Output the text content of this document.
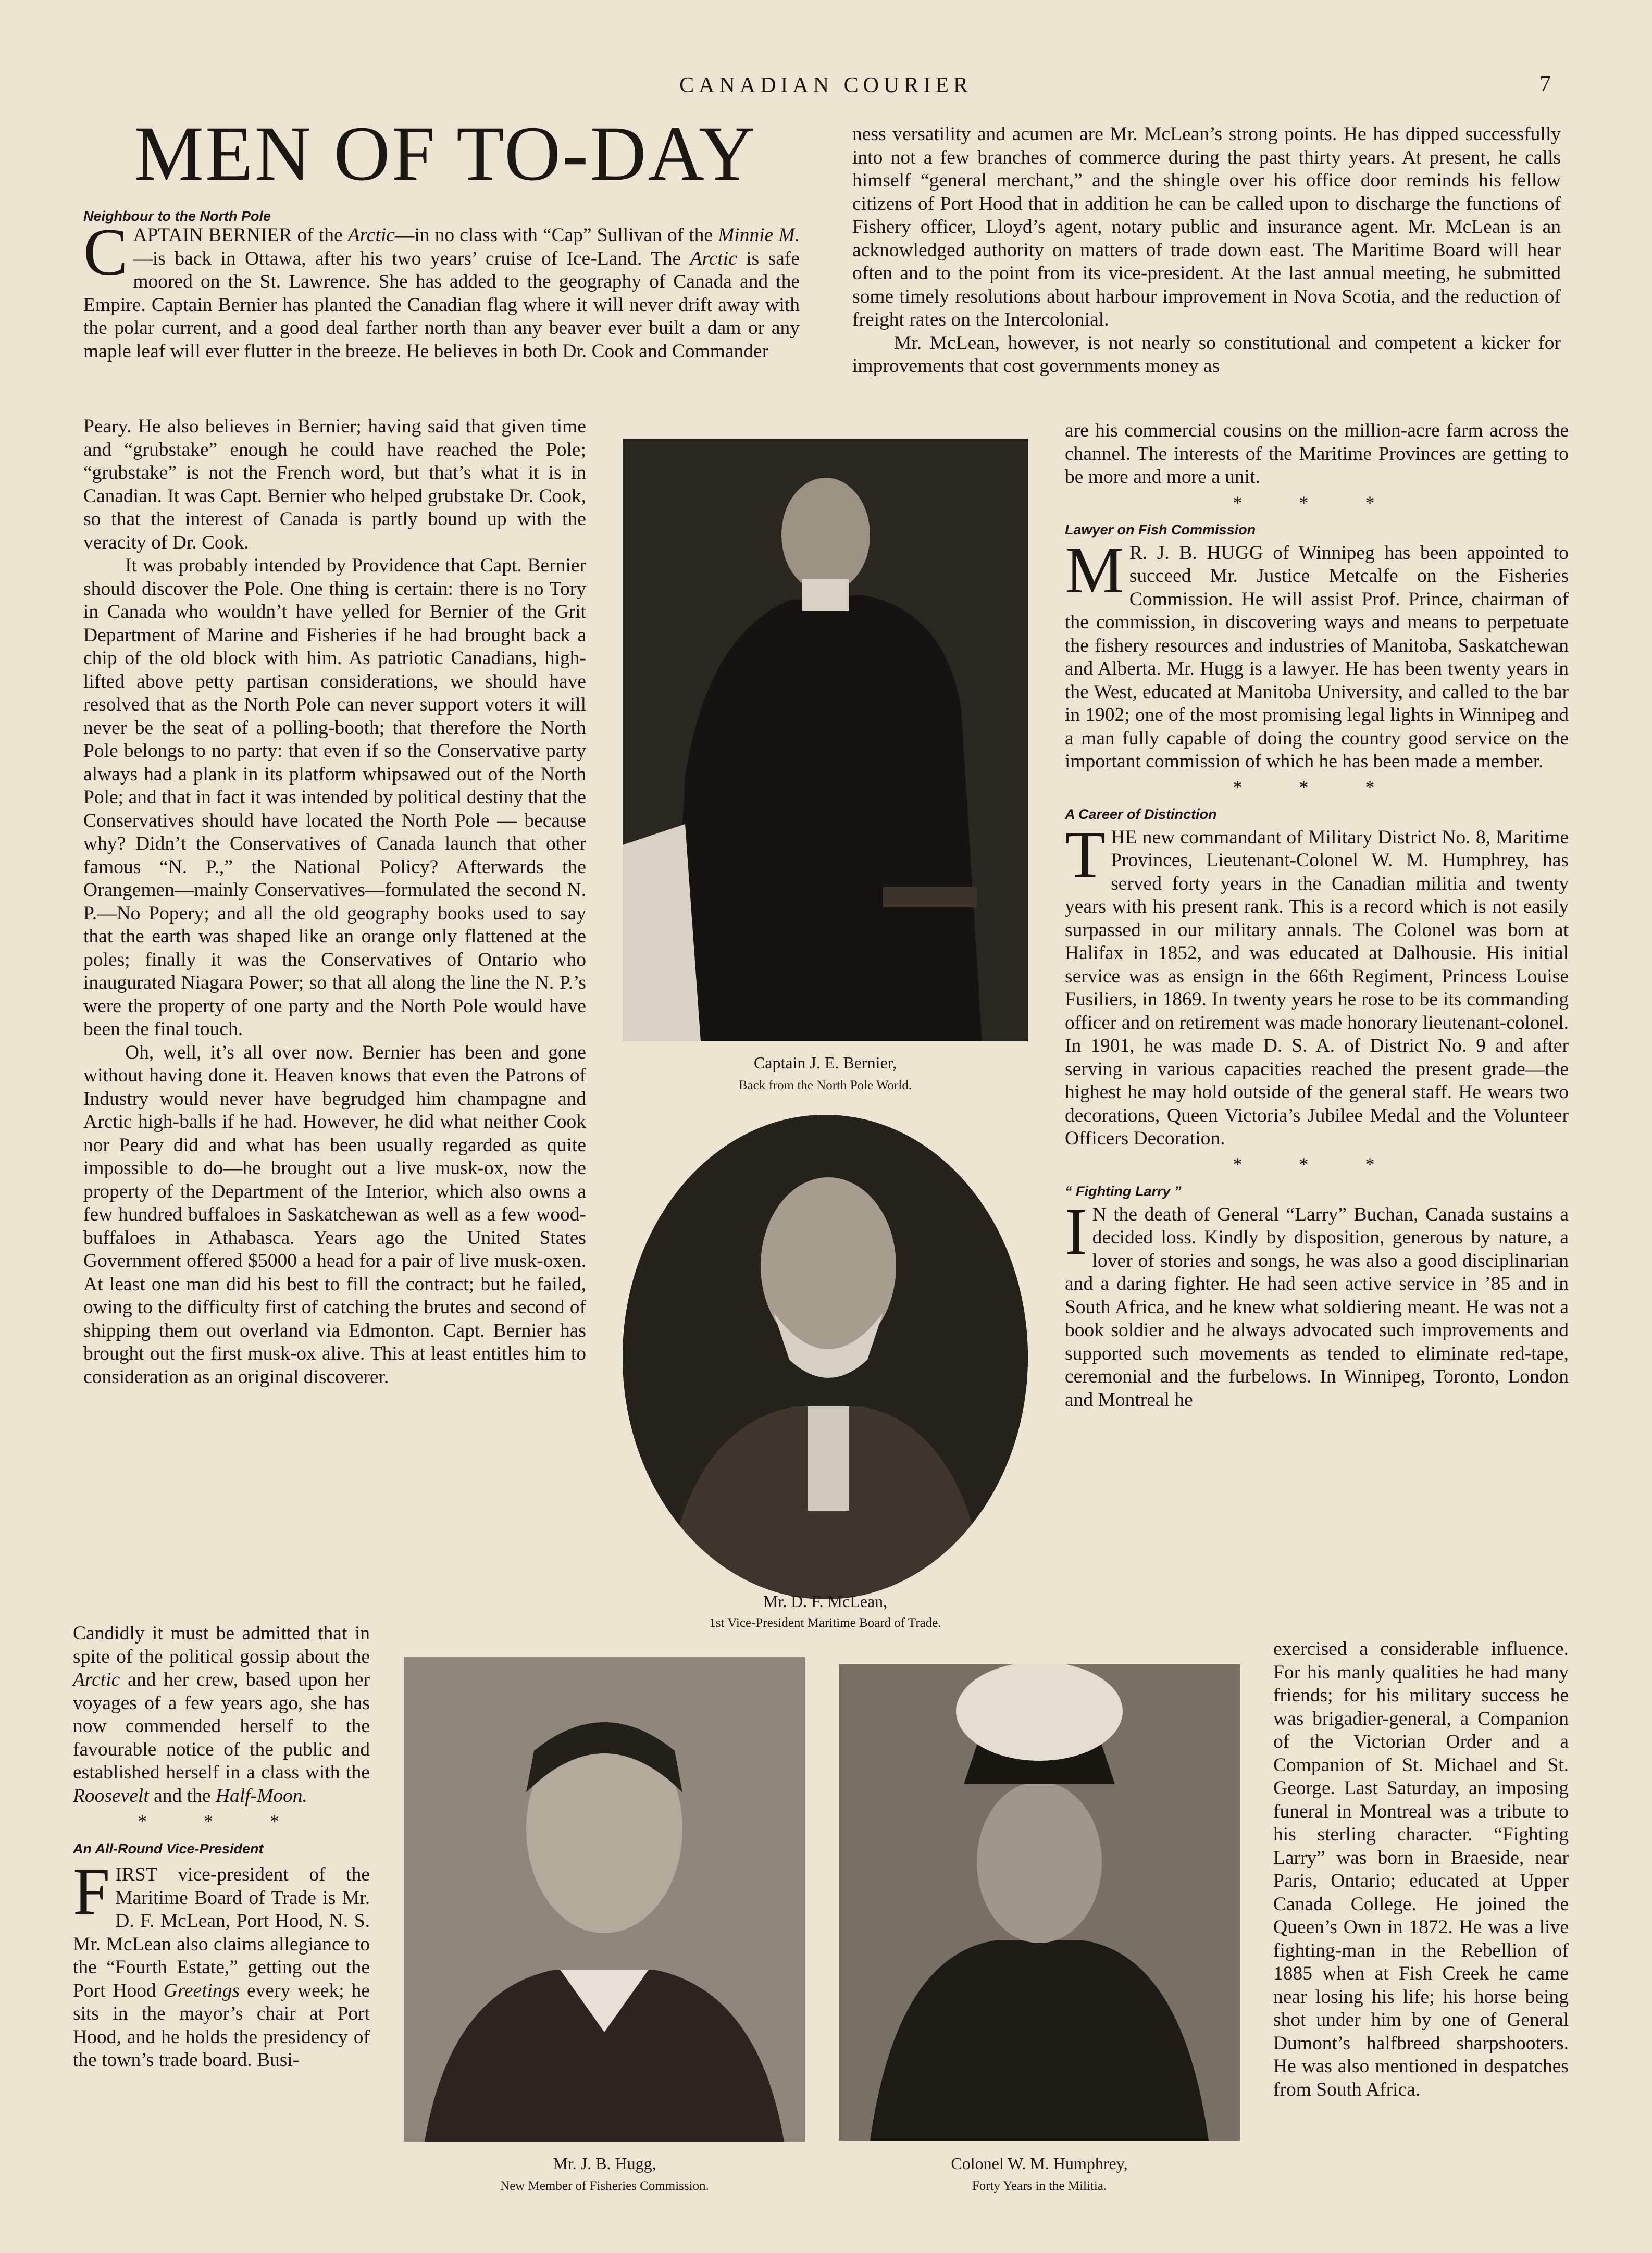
CANADIAN COURIER	7
MEN OF TO-DAY
Neighbour to the North Pole

CAPTAIN BERNIER of the Arctic—in no class with “Cap” Sullivan of the Minnie M.—is back in Ottawa, after his two years’ cruise of Ice-Land. The Arctic is safe moored on the St. Lawrence. She has added to the geography of Canada and the Empire. Captain Bernier has planted the Canadian flag where it will never drift away with the polar current, and a good deal farther north than any beaver ever built a dam or any maple leaf will ever flutter in the breeze. He believes in both Dr. Cook and Commander

Peary. He also believes in Bernier; having said that given time and “grubstake” enough he could have reached the Pole; “grubstake” is not the French word, but that’s what it is in Canadian. It was Capt. Bernier who helped grubstake Dr. Cook, so that the interest of Canada is partly bound up with the veracity of Dr. Cook.

It was probably intended by Providence that Capt. Bernier should discover the Pole. One thing is certain: there is no Tory in Canada who wouldn’t have yelled for Bernier of the Grit Department of Marine and Fisheries if he had brought back a chip of the old block with him. As patriotic Canadians, high-lifted above petty partisan considerations, we should have resolved that as the North Pole can never support voters it will never be the seat of a polling-booth; that therefore the North Pole belongs to no party: that even if so the Conservative party always had a plank in its platform whipsawed out of the North Pole; and that in fact it was intended by political destiny that the Conservatives should have located the North Pole — because why? Didn’t the Conservatives of Canada launch that other famous “N. P.,” the National Policy? Afterwards the Orangemen—mainly Conservatives—formulated the second N. P.—No Popery; and all the old geography books used to say that the earth was shaped like an orange only flattened at the poles; finally it was the Conservatives of Ontario who inaugurated Niagara Power; so that all along the line the N. P.’s were the property of one party and the North Pole would have been the final touch.

Oh, well, it’s all over now. Bernier has been and gone without having done it. Heaven knows that even the Patrons of Industry would never have begrudged him champagne and Arctic high-balls if he had. However, he did what neither Cook nor Peary did and what has been usually regarded as quite impossible to do—he brought out a live musk-ox, now the property of the Department of the Interior, which also owns a few hundred buffaloes in Saskatchewan as well as a few wood-buffaloes in Athabasca. Years ago the United States Government offered $5000 a head for a pair of live musk-oxen. At least one man did his best to fill the contract; but he failed, owing to the difficulty first of catching the brutes and second of shipping them out overland via Edmonton. Capt. Bernier has brought out the first musk-ox alive. This at least entitles him to consideration as an original discoverer.

Candidly it must be admitted that in spite of the political gossip about the Arctic and her crew, based upon her voyages of a few years ago, she has now commended herself to the favourable notice of the public and established herself in a class with the Roosevelt and the Half-Moon.

* * *
An All-Round Vice-President

FIRST vice-president of the Maritime Board of Trade is Mr. D. F. McLean, Port Hood, N. S. Mr. McLean also claims allegiance to the “Fourth Estate,” getting out the Port Hood Greetings every week; he sits in the mayor’s chair at Port Hood, and he holds the presidency of the town’s trade board. Busi-

Captain J. E. Bernier,
Back from the North Pole World.
Mr. D. F. McLean,
1st Vice-President Maritime Board of Trade.
Mr. J. B. Hugg,
New Member of Fisheries Commission.
Colonel W. M. Humphrey,
Forty Years in the Militia.

ness versatility and acumen are Mr. McLean’s strong points. He has dipped successfully into not a few branches of commerce during the past thirty years. At present, he calls himself “general merchant,” and the shingle over his office door reminds his fellow citizens of Port Hood that in addition he can be called upon to discharge the functions of Fishery officer, Lloyd’s agent, notary public and insurance agent. Mr. McLean is an acknowledged authority on matters of trade down east. The Maritime Board will hear often and to the point from its vice-president. At the last annual meeting, he submitted some timely resolutions about harbour improvement in Nova Scotia, and the reduction of freight rates on the Intercolonial.

Mr. McLean, however, is not nearly so constitutional and competent a kicker for improvements that cost governments money as

are his commercial cousins on the million-acre farm across the channel. The interests of the Maritime Provinces are getting to be more and more a unit.

* * *
Lawyer on Fish Commission

M R. J. B. HUGG of Winnipeg has been appointed to succeed Mr. Justice Metcalfe on the Fisheries Commission. He will assist Prof. Prince, chairman of the commission, in discovering ways and means to perpetuate the fishery resources and industries of Manitoba, Saskatchewan and Alberta. Mr. Hugg is a lawyer. He has been twenty years in the West, educated at Manitoba University, and called to the bar in 1902; one of the most promising legal lights in Winnipeg and a man fully capable of doing the country good service on the important commission of which he has been made a member.

* * *
A Career of Distinction

THE new commandant of Military District No. 8, Maritime Provinces, Lieutenant-Colonel W. M. Humphrey, has served forty years in the Canadian militia and twenty years with his present rank. This is a record which is not easily surpassed in our military annals. The Colonel was born at Halifax in 1852, and was educated at Dalhousie. His initial service was as ensign in the 66th Regiment, Princess Louise Fusiliers, in 1869. In twenty years he rose to be its commanding officer and on retirement was made honorary lieutenant-colonel. In 1901, he was made D. S. A. of District No. 9 and after serving in various capacities reached the present grade—the highest he may hold outside of the general staff. He wears two decorations, Queen Victoria’s Jubilee Medal and the Volunteer Officers Decoration.

* * *
“ Fighting Larry ”

I N the death of General “Larry” Buchan, Canada sustains a decided loss. Kindly by disposition, generous by nature, a lover of stories and songs, he was also a good disciplinarian and a daring fighter. He had seen active service in ’85 and in South Africa, and he knew what soldiering meant. He was not a book soldier and he always advocated such improvements and supported such movements as tended to eliminate red-tape, ceremonial and the furbelows. In Winnipeg, Toronto, London and Montreal he

exercised a considerable influence. For his manly qualities he had many friends; for his military success he was brigadier-general, a Companion of the Victorian Order and a Companion of St. Michael and St. George. Last Saturday, an imposing funeral in Montreal was a tribute to his sterling character. “Fighting Larry” was born in Braeside, near Paris, Ontario; educated at Upper Canada College. He joined the Queen’s Own in 1872. He was a live fighting-man in the Rebellion of 1885 when at Fish Creek he came near losing his life; his horse being shot under him by one of General Dumont’s halfbreed sharpshooters. He was also mentioned in despatches from South Africa.
